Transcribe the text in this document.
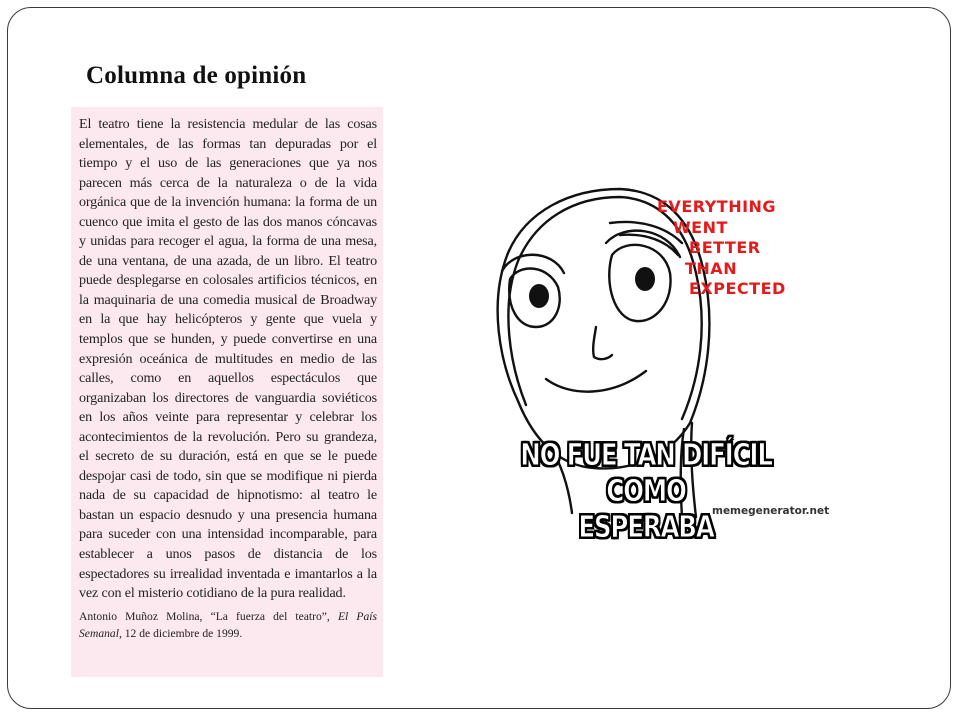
Columna de opinión

El teatro tiene la resistencia medular de las cosas elementales, de las formas tan depuradas por el tiempo y el uso de las generaciones que ya nos parecen más cerca de la naturaleza o de la vida orgánica que de la invención humana: la forma de un cuenco que imita el gesto de las dos manos cóncavas y unidas para recoger el agua, la forma de una mesa, de una ventana, de una azada, de un libro. El teatro puede desplegarse en colosales artificios técnicos, en la maquinaria de una comedia musical de Broadway en la que hay helicópteros y gente que vuela y templos que se hunden, y puede convertirse en una expresión oceánica de multitudes en medio de las calles, como en aquellos espectáculos que organizaban los directores de vanguardia soviéticos en los años veinte para representar y celebrar los acontecimientos de la revolución. Pero su grandeza, el secreto de su duración, está en que se le puede despojar casi de todo, sin que se modifique ni pierda nada de su capacidad de hipnotismo: al teatro le bastan un espacio desnudo y una presencia humana para suceder con una intensidad incomparable, para establecer a unos pasos de distancia de los espectadores su irrealidad inventada e imantarlos a la vez con el misterio cotidiano de la pura realidad.

Antonio Muñoz Molina, “La fuerza del teatro”, El País Semanal, 12 de diciembre de 1999.

EVERYTHING
WENT
BETTER
THAN
EXPECTED
NO FUE TAN DIFÍCIL COMO
ESPERABA
memegenerator.net
